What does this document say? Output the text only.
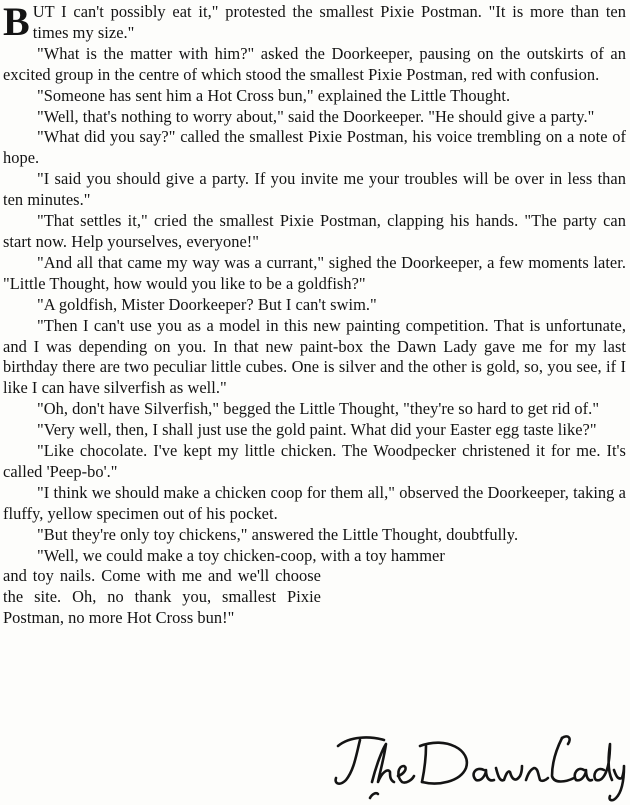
BUT I can't possibly eat it," protested the smallest Pixie Postman. "It is more than ten times my size."

"What is the matter with him?" asked the Doorkeeper, pausing on the outskirts of an excited group in the centre of which stood the smallest Pixie Postman, red with confusion.

"Someone has sent him a Hot Cross bun," explained the Little Thought.

"Well, that's nothing to worry about," said the Doorkeeper. "He should give a party."

"What did you say?" called the smallest Pixie Postman, his voice trembling on a note of hope.

"I said you should give a party. If you invite me your troubles will be over in less than ten minutes."

"That settles it," cried the smallest Pixie Postman, clapping his hands. "The party can start now. Help yourselves, everyone!"

"And all that came my way was a currant," sighed the Doorkeeper, a few moments later. "Little Thought, how would you like to be a goldfish?"

"A goldfish, Mister Doorkeeper? But I can't swim."

"Then I can't use you as a model in this new painting competition. That is unfortunate, and I was depending on you. In that new paint-box the Dawn Lady gave me for my last birthday there are two peculiar little cubes. One is silver and the other is gold, so, you see, if I like I can have silverfish as well."

"Oh, don't have Silverfish," begged the Little Thought, "they're so hard to get rid of."

"Very well, then, I shall just use the gold paint. What did your Easter egg taste like?"

"Like chocolate. I've kept my little chicken. The Woodpecker christened it for me. It's called 'Peep-bo'."

"I think we should make a chicken coop for them all," observed the Doorkeeper, taking a fluffy, yellow specimen out of his pocket.

"But they're only toy chickens," answered the Little Thought, doubtfully.

"Well, we could make a toy chicken-coop, with a toy hammer

and toy nails. Come with me and we'll choose the site. Oh, no thank you, smallest Pixie Postman, no more Hot Cross bun!"
